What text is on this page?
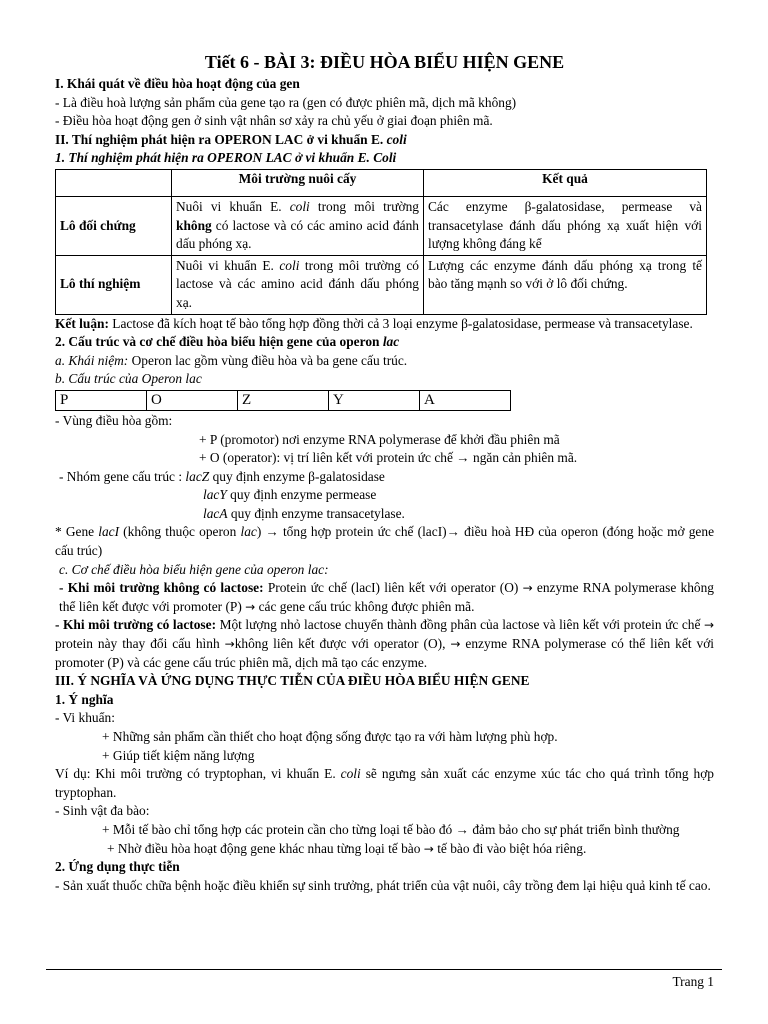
Tiết 6 - BÀI 3: ĐIỀU HÒA BIỂU HIỆN GENE

I. Khái quát về điều hòa hoạt động của gen

- Là điều hoà lượng sản phẩm của gene tạo ra (gen có được phiên mã, dịch mã không)

- Điều hòa hoạt động gen ở sinh vật nhân sơ xảy ra chủ yếu ở giai đoạn phiên mã.

II. Thí nghiệm phát hiện ra OPERON LAC ở vi khuẩn E. coli

1. Thí nghiệm phát hiện ra OPERON LAC ở vi khuẩn E. Coli

	Môi trường nuôi cấy	Kết quả
Lô đối chứng	Nuôi vi khuẩn E. coli trong môi trường không có lactose và có các amino acid đánh dấu phóng xạ.	Các enzyme β-galatosidase, permease và transacetylase đánh dấu phóng xạ xuất hiện với lượng không đáng kể
Lô thí nghiệm	Nuôi vi khuẩn E. coli trong môi trường có lactose và các amino acid đánh dấu phóng xạ.	Lượng các enzyme đánh dấu phóng xạ trong tế bào tăng mạnh so với ở lô đối chứng.

Kết luận: Lactose đã kích hoạt tế bào tổng hợp đồng thời cả 3 loại enzyme β-galatosidase, permease và transacetylase.

2. Cấu trúc và cơ chế điều hòa biểu hiện gene của operon lac

a. Khái niệm: Operon lac gồm vùng điều hòa và ba gene cấu trúc.

b. Cấu trúc của Operon lac

P	O	Z	Y	A

- Vùng điều hòa gồm:

+ P (promotor) nơi enzyme RNA polymerase để khởi đầu phiên mã

+ O (operator): vị trí liên kết với protein ức chế → ngăn cản phiên mã.

- Nhóm gene cấu trúc : lacZ quy định enzyme β-galatosidase

lacY quy định enzyme permease

lacA quy định enzyme transacetylase.

* Gene lacI (không thuộc operon lac) → tổng hợp protein ức chế (lacI)→ điều hoà HĐ của operon (đóng hoặc mở gene cấu trúc)

c. Cơ chế điều hòa biểu hiện gene của operon lac:

- Khi môi trường không có lactose: Protein ức chế (lacI) liên kết với operator (O) → enzyme RNA polymerase không thể liên kết được với promoter (P) → các gene cấu trúc không được phiên mã.

- Khi môi trường có lactose: Một lượng nhỏ lactose chuyển thành đồng phân của lactose và liên kết với protein ức chế → protein này thay đổi cấu hình →không liên kết được với operator (O), → enzyme RNA polymerase có thể liên kết với promoter (P) và các gene cấu trúc phiên mã, dịch mã tạo các enzyme.

III. Ý NGHĨA VÀ ỨNG DỤNG THỰC TIỄN CỦA ĐIỀU HÒA BIỂU HIỆN GENE

1. Ý nghĩa

- Vi khuẩn:

+ Những sản phẩm cần thiết cho hoạt động sống được tạo ra với hàm lượng phù hợp.

+ Giúp tiết kiệm năng lượng

Ví dụ: Khi môi trường có tryptophan, vi khuẩn E. coli sẽ ngưng sản xuất các enzyme xúc tác cho quá trình tổng hợp tryptophan.

- Sinh vật đa bào:

+ Mỗi tế bào chỉ tổng hợp các protein cần cho từng loại tế bào đó → đảm bảo cho sự phát triển bình thường

+ Nhờ điều hòa hoạt động gene khác nhau từng loại tế bào → tế bào đi vào biệt hóa riêng.

2. Ứng dụng thực tiễn

- Sản xuất thuốc chữa bệnh hoặc điều khiển sự sinh trưởng, phát triển của vật nuôi, cây trồng đem lại hiệu quả kinh tế cao.

Trang 1
